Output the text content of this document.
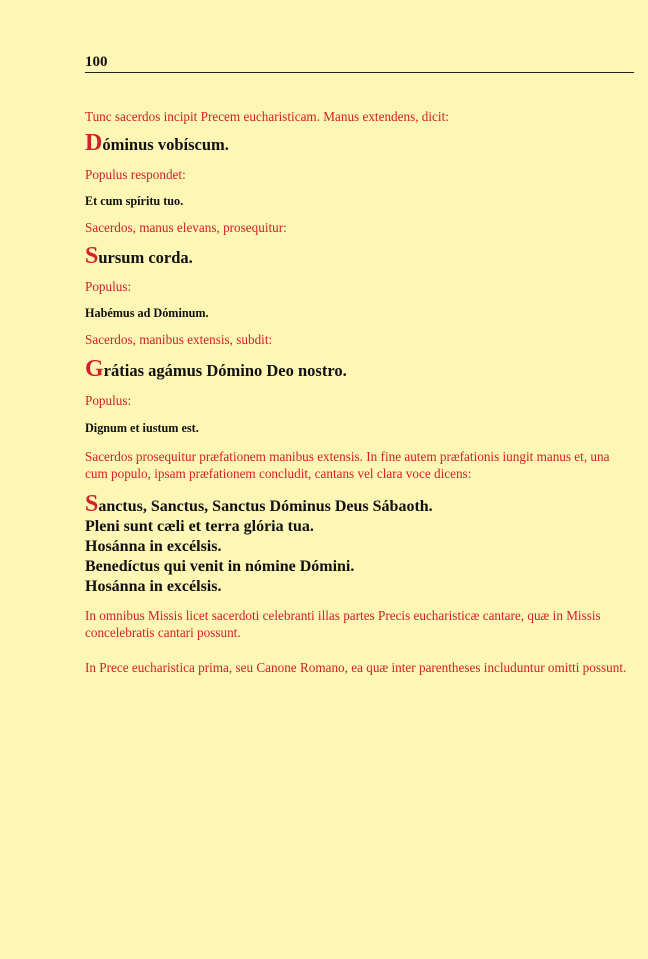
100

Tunc sacerdos incipit Precem eucharisticam. Manus extendens, dicit:

Dóminus vobíscum.

Populus respondet:

Et cum spíritu tuo.

Sacerdos, manus elevans, prosequitur:

Sursum corda.

Populus:

Habémus ad Dóminum.

Sacerdos, manibus extensis, subdit:

Grátias agámus Dómino Deo nostro.

Populus:

Dignum et iustum est.

Sacerdos prosequitur præfationem manibus extensis. In fine autem præfationis iungit manus et, una cum populo, ipsam præfationem concludit, cantans vel clara voce dicens:

Sanctus, Sanctus, Sanctus Dóminus Deus Sábaoth.

Pleni sunt cæli et terra glória tua.

Hosánna in excélsis.

Benedíctus qui venit in nómine Dómini.

Hosánna in excélsis.

In omnibus Missis licet sacerdoti celebranti illas partes Precis eucharisticæ cantare, quæ in Missis concelebratis cantari possunt.

In Prece eucharistica prima, seu Canone Romano, ea quæ inter parentheses includuntur omitti possunt.
